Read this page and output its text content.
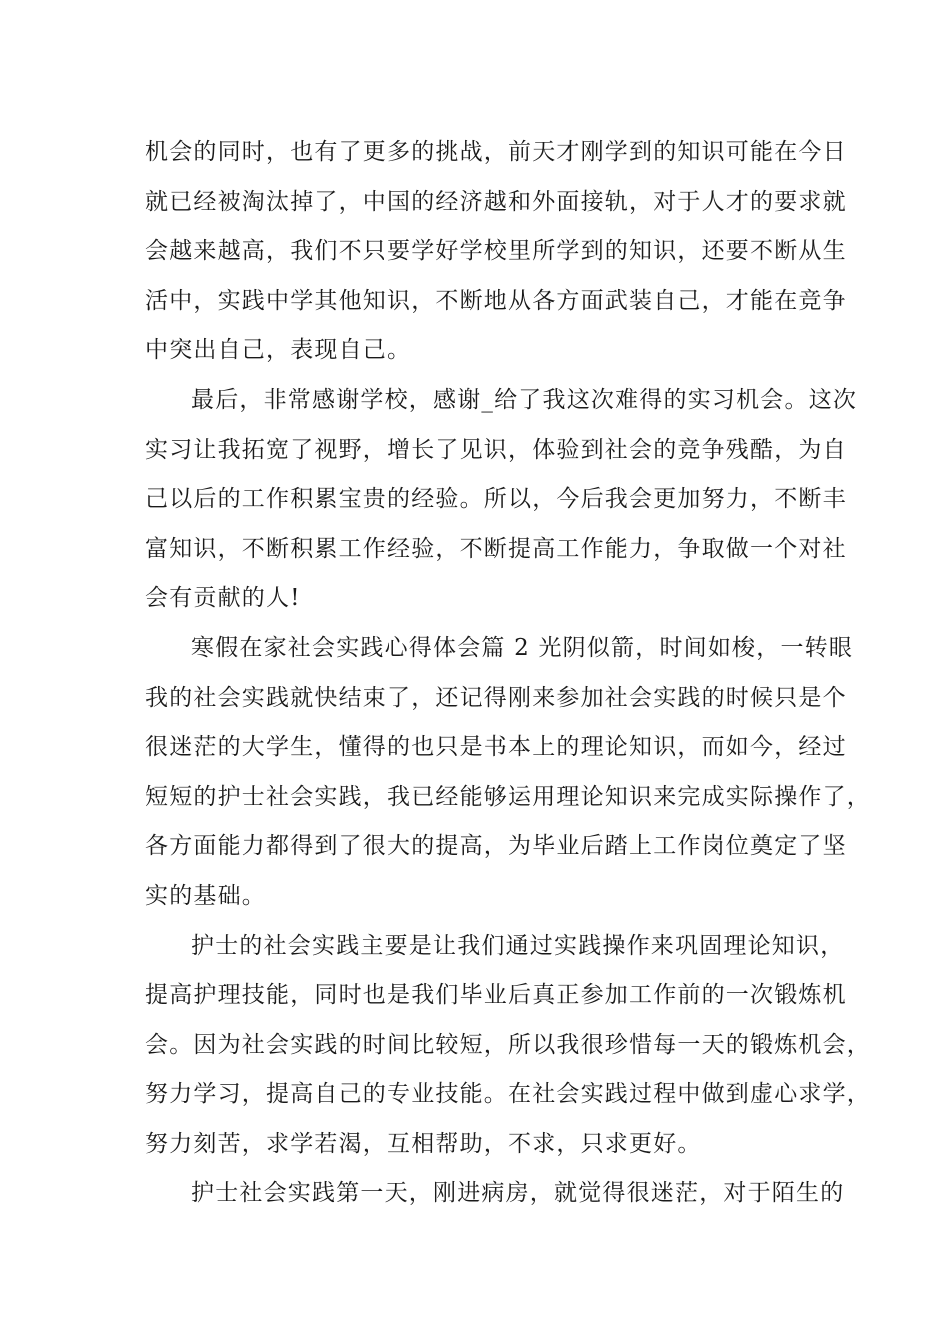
机会的同时，也有了更多的挑战，前天才刚学到的知识可能在今日
就已经被淘汰掉了，中国的经济越和外面接轨，对于人才的要求就
会越来越高，我们不只要学好学校里所学到的知识，还要不断从生
活中，实践中学其他知识，不断地从各方面武装自己，才能在竞争
中突出自己，表现自己。
最后，非常感谢学校，感谢_给了我这次难得的实习机会。这次
实习让我拓宽了视野，增长了见识，体验到社会的竞争残酷，为自
己以后的工作积累宝贵的经验。所以，今后我会更加努力，不断丰
富知识，不断积累工作经验，不断提高工作能力，争取做一个对社
会有贡献的人!
寒假在家社会实践心得体会篇 2 光阴似箭，时间如梭，一转眼
我的社会实践就快结束了，还记得刚来参加社会实践的时候只是个
很迷茫的大学生，懂得的也只是书本上的理论知识，而如今，经过
短短的护士社会实践，我已经能够运用理论知识来完成实际操作了，
各方面能力都得到了很大的提高，为毕业后踏上工作岗位奠定了坚
实的基础。
护士的社会实践主要是让我们通过实践操作来巩固理论知识，
提高护理技能，同时也是我们毕业后真正参加工作前的一次锻炼机
会。因为社会实践的时间比较短，所以我很珍惜每一天的锻炼机会，
努力学习，提高自己的专业技能。在社会实践过程中做到虚心求学，
努力刻苦，求学若渴，互相帮助，不求，只求更好。
护士社会实践第一天，刚进病房，就觉得很迷茫，对于陌生的
